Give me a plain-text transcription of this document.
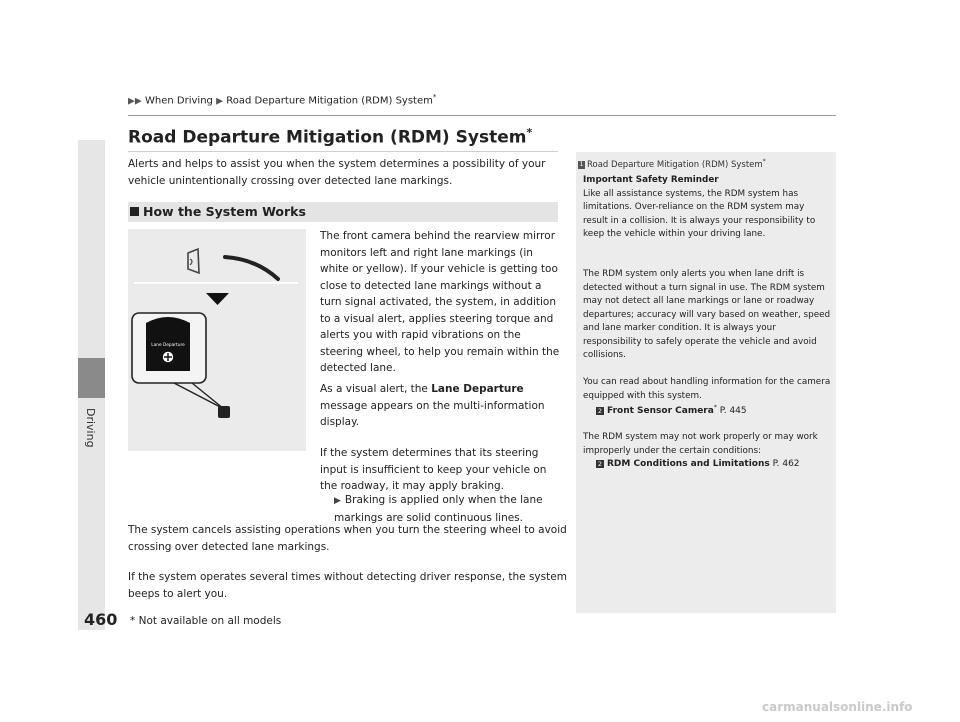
Driving
▶▶ When Driving ▶ Road Departure Mitigation (RDM) System*
Road Departure Mitigation (RDM) System*
Alerts and helps to assist you when the system determines a possibility of your vehicle unintentionally crossing over detected lane markings.
How the System Works
Lane Departure
The front camera behind the rearview mirror monitors left and right lane markings (in white or yellow). If your vehicle is getting too close to detected lane markings without a turn signal activated, the system, in addition to a visual alert, applies steering torque and alerts you with rapid vibrations on the steering wheel, to help you remain within the detected lane.
As a visual alert, the Lane Departure message appears on the multi-information display.
If the system determines that its steering input is insufficient to keep your vehicle on the roadway, it may apply braking.
▶ Braking is applied only when the lane markings are solid continuous lines.
The system cancels assisting operations when you turn the steering wheel to avoid crossing over detected lane markings.
If the system operates several times without detecting driver response, the system beeps to alert you.
1 Road Departure Mitigation (RDM) System*
Important Safety Reminder
Like all assistance systems, the RDM system has limitations. Over-reliance on the RDM system may result in a collision. It is always your responsibility to keep the vehicle within your driving lane.
The RDM system only alerts you when lane drift is detected without a turn signal in use. The RDM system may not detect all lane markings or lane or roadway departures; accuracy will vary based on weather, speed and lane marker condition. It is always your responsibility to safely operate the vehicle and avoid collisions.
You can read about handling information for the camera equipped with this system.
2 Front Sensor Camera* P. 445
The RDM system may not work properly or may work improperly under the certain conditions:
2 RDM Conditions and Limitations P. 462
460 * Not available on all models
carmanualsonline.info
